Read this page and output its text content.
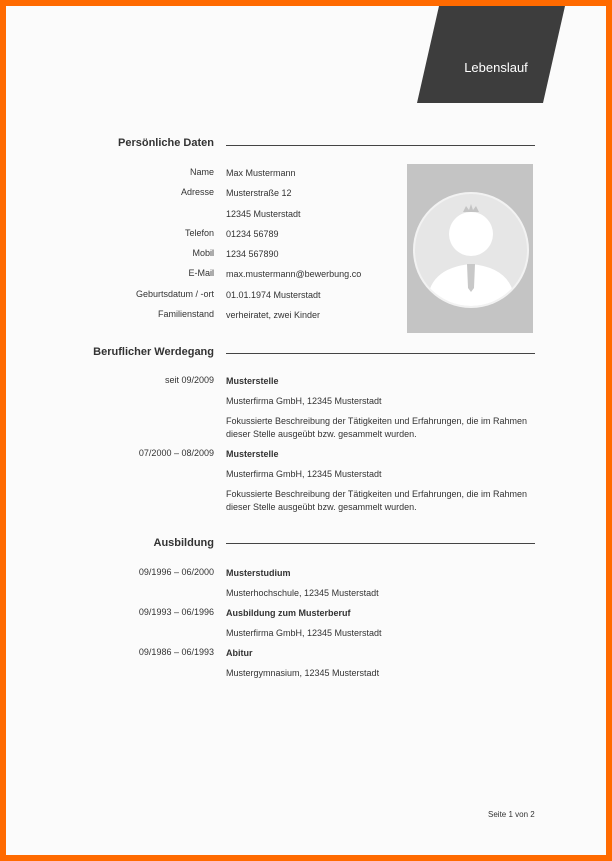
Lebenslauf
Persönliche Daten
Name Max Mustermann
Adresse Musterstraße 12
12345 Musterstadt
Telefon 01234 56789
Mobil 1234 567890
E-Mail max.mustermann@bewerbung.co
Geburtsdatum / -ort 01.01.1974 Musterstadt
Familienstand verheiratet, zwei Kinder
Beruflicher Werdegang
seit 09/2009 Musterstelle
Musterfirma GmbH, 12345 Musterstadt
Fokussierte Beschreibung der Tätigkeiten und Erfahrungen, die im Rahmen dieser Stelle ausgeübt bzw. gesammelt wurden.
07/2000 – 08/2009 Musterstelle
Musterfirma GmbH, 12345 Musterstadt
Fokussierte Beschreibung der Tätigkeiten und Erfahrungen, die im Rahmen dieser Stelle ausgeübt bzw. gesammelt wurden.
Ausbildung
09/1996 – 06/2000 Musterstudium
Musterhochschule, 12345 Musterstadt
09/1993 – 06/1996 Ausbildung zum Musterberuf
Musterfirma GmbH, 12345 Musterstadt
09/1986 – 06/1993 Abitur
Mustergymnasium, 12345 Musterstadt
Seite 1 von 2
